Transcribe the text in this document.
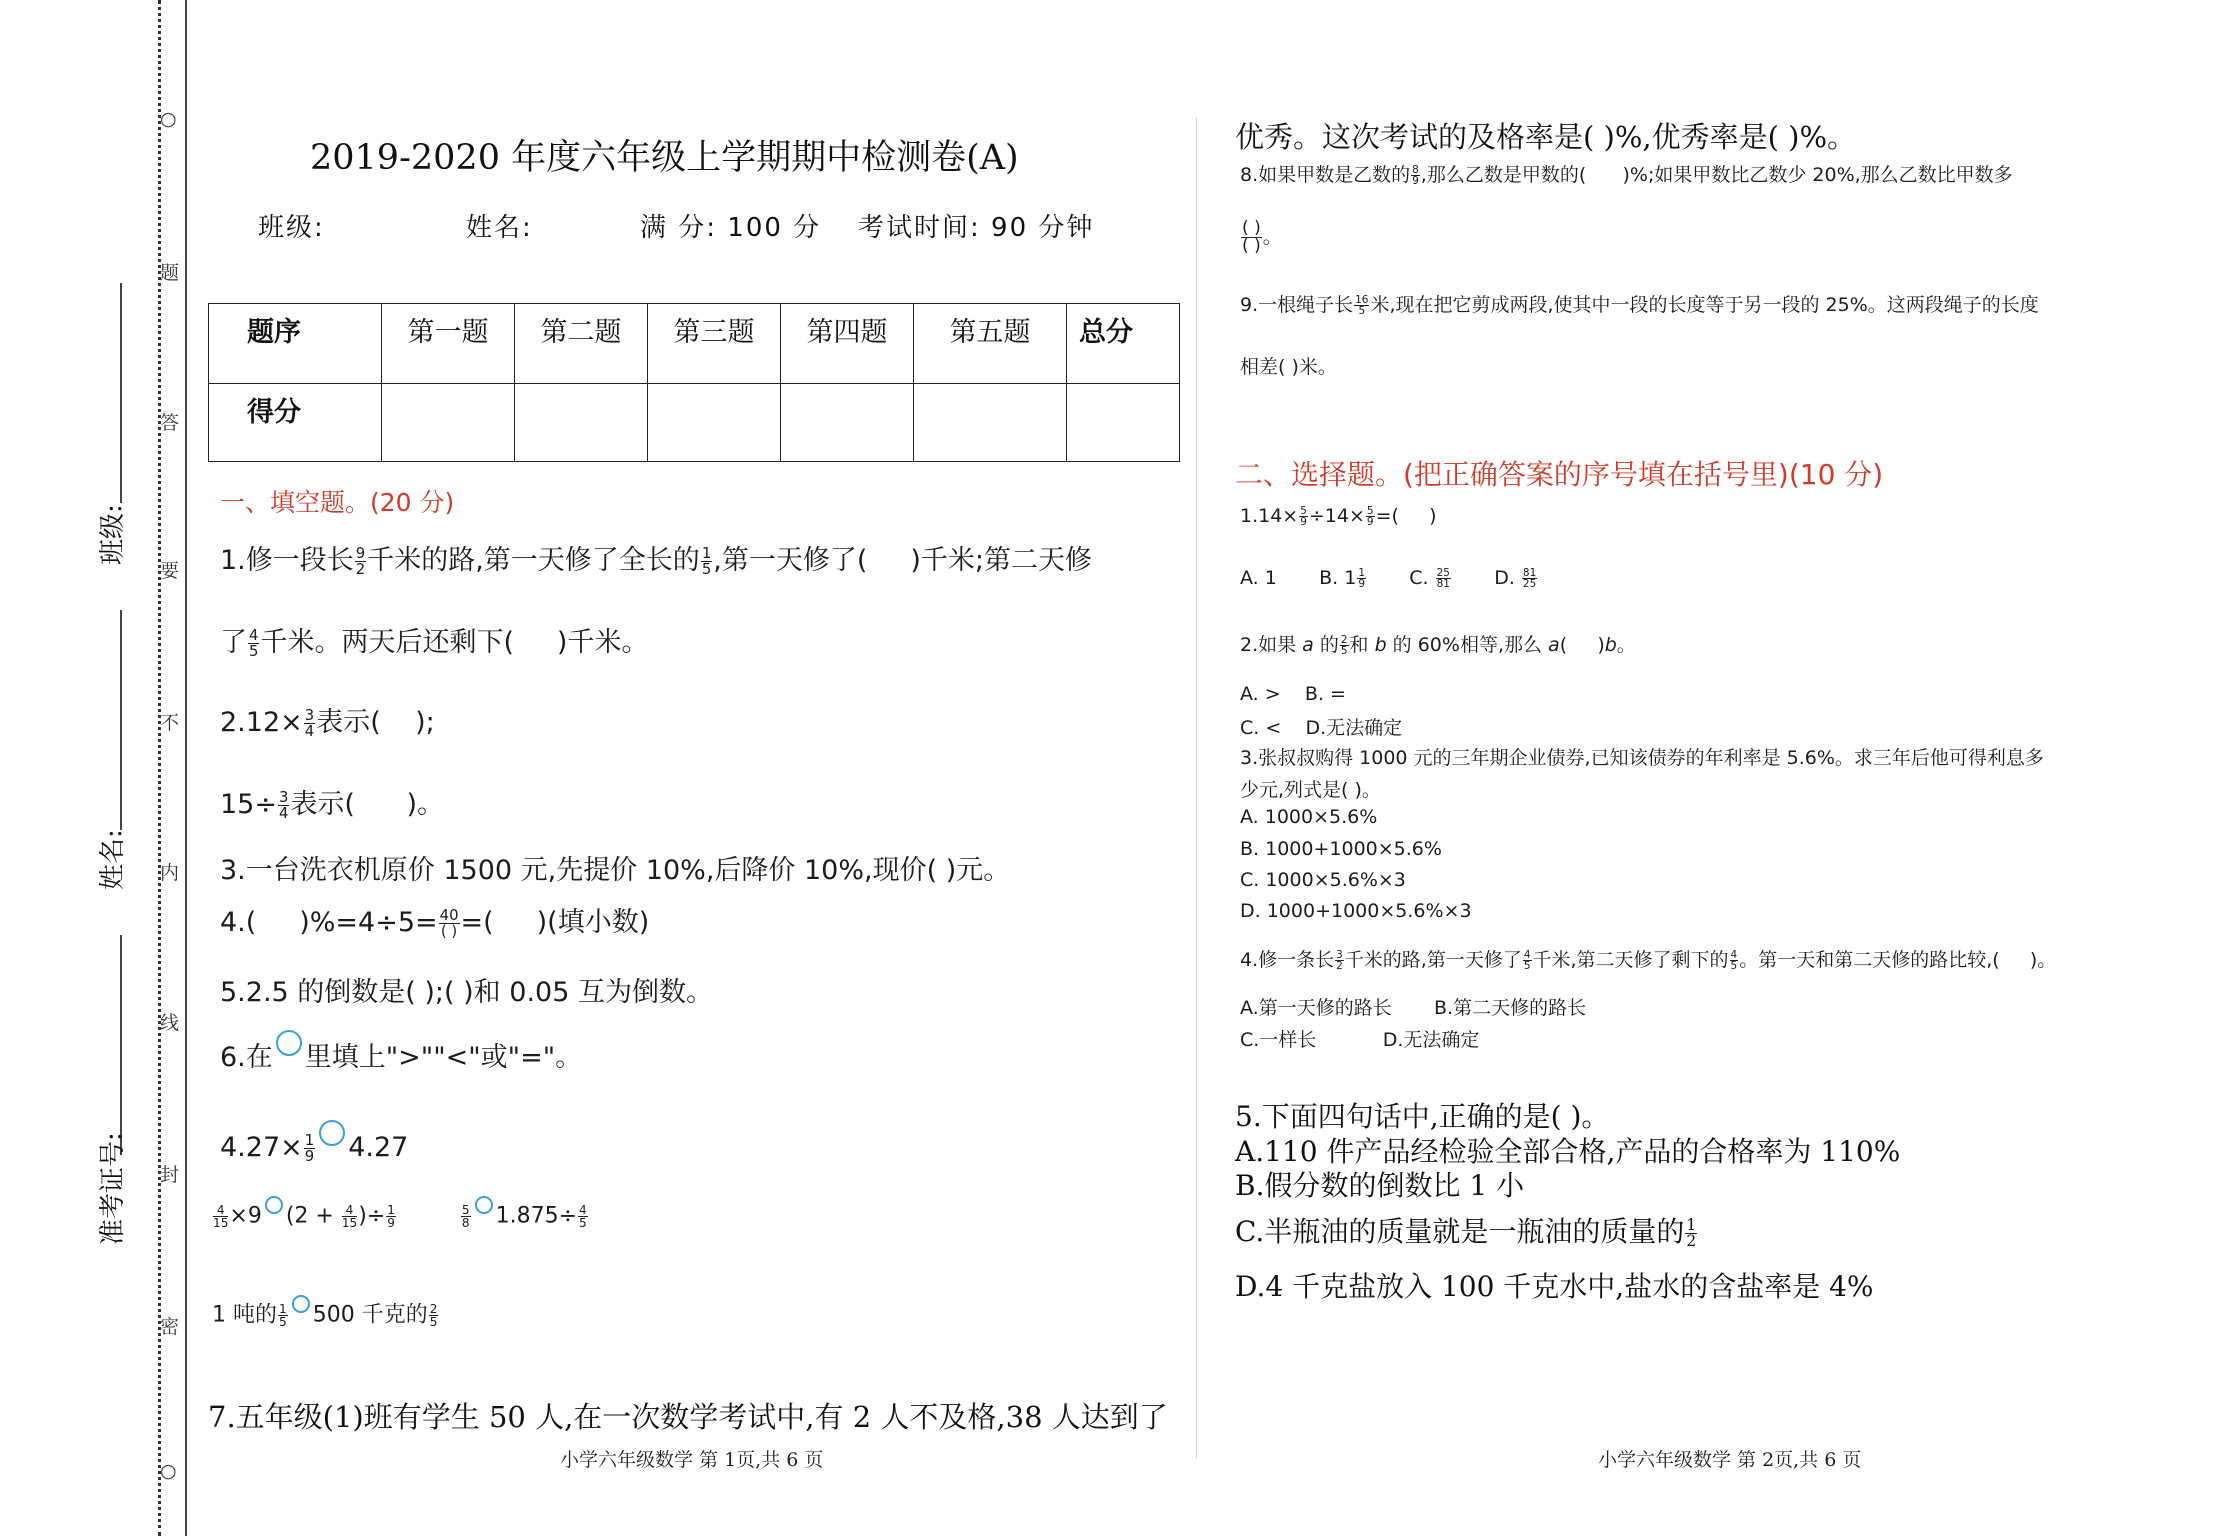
○
题
答
要
不
内
线
封
密
○
班级:
姓名:
准考证号:
2019-2020 年度六年级上学期期中检测卷(A)
班级:	姓名:	满 分: 100 分 考试时间: 90 分钟
题序	第一题	第二题	第三题	第四题	第五题	总分
得分						
一、填空题。(20 分)
1.修一段长 $\frac{9}{2}$ 千米的路,第一天修了全长的 $\frac{1}{5}$ ,第一天修了( )千米;第二天修
了 $\frac{4}{5}$ 千米。两天后还剩下( )千米。
$2.12\times \frac{3}{4}$ 表示( );
$15\div \frac{3}{4}$ 表示( )。
3.一台洗衣机原价 1500 元,先提价 10%,后降价 10%,现价( )元。
4.( )$\%=4\div 5= \frac{40}{( )}$ =( )(填小数)
5.2.5 的倒数是( );( )和 0.05 互为倒数。
6.在 里填上">""<"或"="。
$4.27\times \frac{1}{9} 4.27$
$\frac{4}{15} \times 9$ ($2 + \frac{4}{15}$ )÷ $\frac{1}{9}$
	$\frac{5}{8} 1.875\div \frac{4}{5}$
1 吨的 $\frac{1}{5} 500$ 千克的 $\frac{2}{5}$
7.五年级(1)班有学生 50 人,在一次数学考试中,有 2 人不及格,38 人达到了
优秀。这次考试的及格率是( )%,优秀率是( )%。
8.如果甲数是乙数的 $\frac{8}{9}$ ,那么乙数是甲数的( )%;如果甲数比乙数少 20%,那么乙数比甲数多
$\frac{( )}{( )}$ 。
9.一根绳子长 $\frac{16}{5}$ 米,现在把它剪成两段,使其中一段的长度等于另一段的 25%。这两段绳子的长度
相差( )米。
二、选择题。(把正确答案的序号填在括号里)(10 分)
$1.14\times \frac{5}{9} \div 14\times \frac{5}{9}$ =( )
A. 1 B. $1 \frac{1}{9} C$. $\frac{25}{81} D$. $\frac{81}{25}$
2.如果 a 的 $\frac{2}{5}$ 和 b 的 60%相等,那么 a( )b。
A. > B. =
C. < D.无法确定
3.张叔叔购得 1000 元的三年期企业债券,已知该债券的年利率是 5.6%。求三年后他可得利息多
少元,列式是( )。
A. 1000×5.6%
B. 1000+1000×5.6%
C. 1000×5.6%×3
D. 1000+1000×5.6%×3
4.修一条长 $\frac{3}{2}$ 千米的路,第一天修了 $\frac{4}{5}$ 千米,第二天修了剩下的 $\frac{4}{5}$ 。第一天和第二天修的路比较,( )。
A.第一天修的路长 B.第二天修的路长
C.一样长	D.无法确定
5.下面四句话中,正确的是( )。
A.110 件产品经检验全部合格,产品的合格率为 110%
B.假分数的倒数比 1 小
C.半瓶油的质量就是一瓶油的质量的 $\frac{1}{2}$
D.4 千克盐放入 100 千克水中,盐水的含盐率是 4%
小学六年级数学 第 1页,共 6 页	小学六年级数学 第 2页,共 6 页
